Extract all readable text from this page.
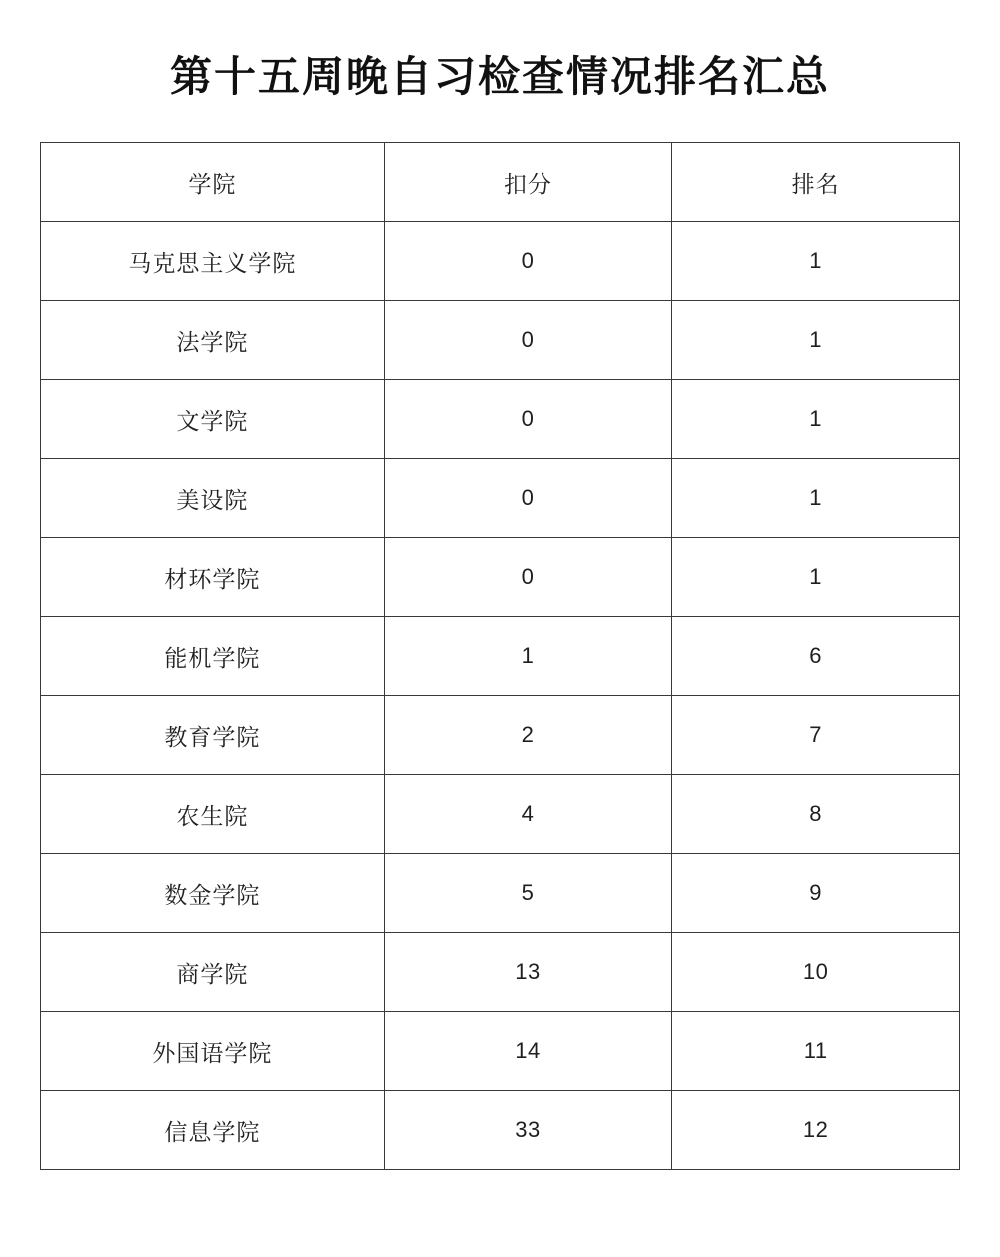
第十五周晚自习检查情况排名汇总
学院	扣分	排名
马克思主义学院	0	1
法学院	0	1
文学院	0	1
美设院	0	1
材环学院	0	1
能机学院	1	6
教育学院	2	7
农生院	4	8
数金学院	5	9
商学院	13	10
外国语学院	14	11
信息学院	33	12
